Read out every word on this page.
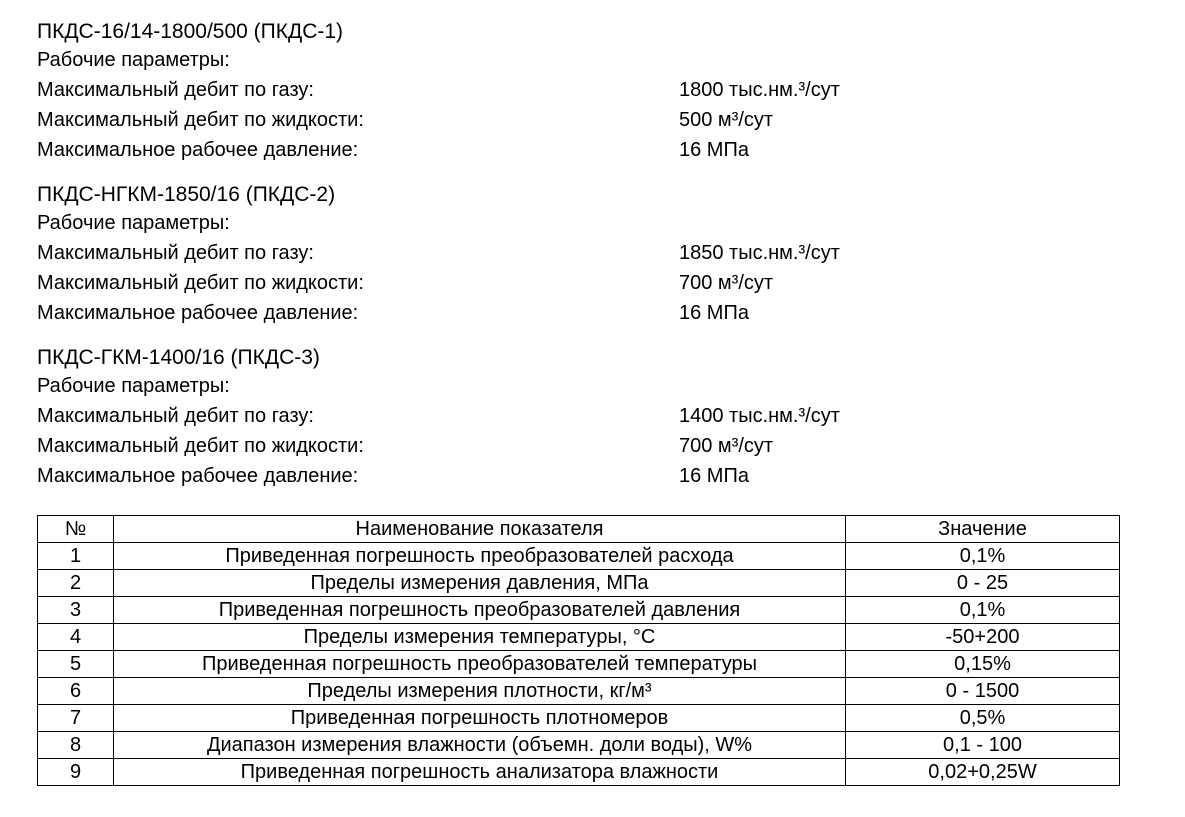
ПКДС-16/14-1800/500 (ПКДС-1)
Рабочие параметры:
Максимальный дебит по газу:	1800 тыс.нм.³/сут
Максимальный дебит по жидкости:	500 м³/сут
Максимальное рабочее давление:	16 МПа
ПКДС-НГКМ-1850/16 (ПКДС-2)
Рабочие параметры:
Максимальный дебит по газу:	1850 тыс.нм.³/сут
Максимальный дебит по жидкости:	700 м³/сут
Максимальное рабочее давление:	16 МПа
ПКДС-ГКМ-1400/16 (ПКДС-3)
Рабочие параметры:
Максимальный дебит по газу:	1400 тыс.нм.³/сут
Максимальный дебит по жидкости:	700 м³/сут
Максимальное рабочее давление:	16 МПа
№	Наименование показателя	Значение
1	Приведенная погрешность преобразователей расхода	0,1%
2	Пределы измерения давления, МПа	0 - 25
3	Приведенная погрешность преобразователей давления	0,1%
4	Пределы измерения температуры, °С	-50+200
5	Приведенная погрешность преобразователей температуры	0,15%
6	Пределы измерения плотности, кг/м³	0 - 1500
7	Приведенная погрешность плотномеров	0,5%
8	Диапазон измерения влажности (объемн. доли воды), W%	0,1 - 100
9	Приведенная погрешность анализатора влажности	0,02+0,25W
